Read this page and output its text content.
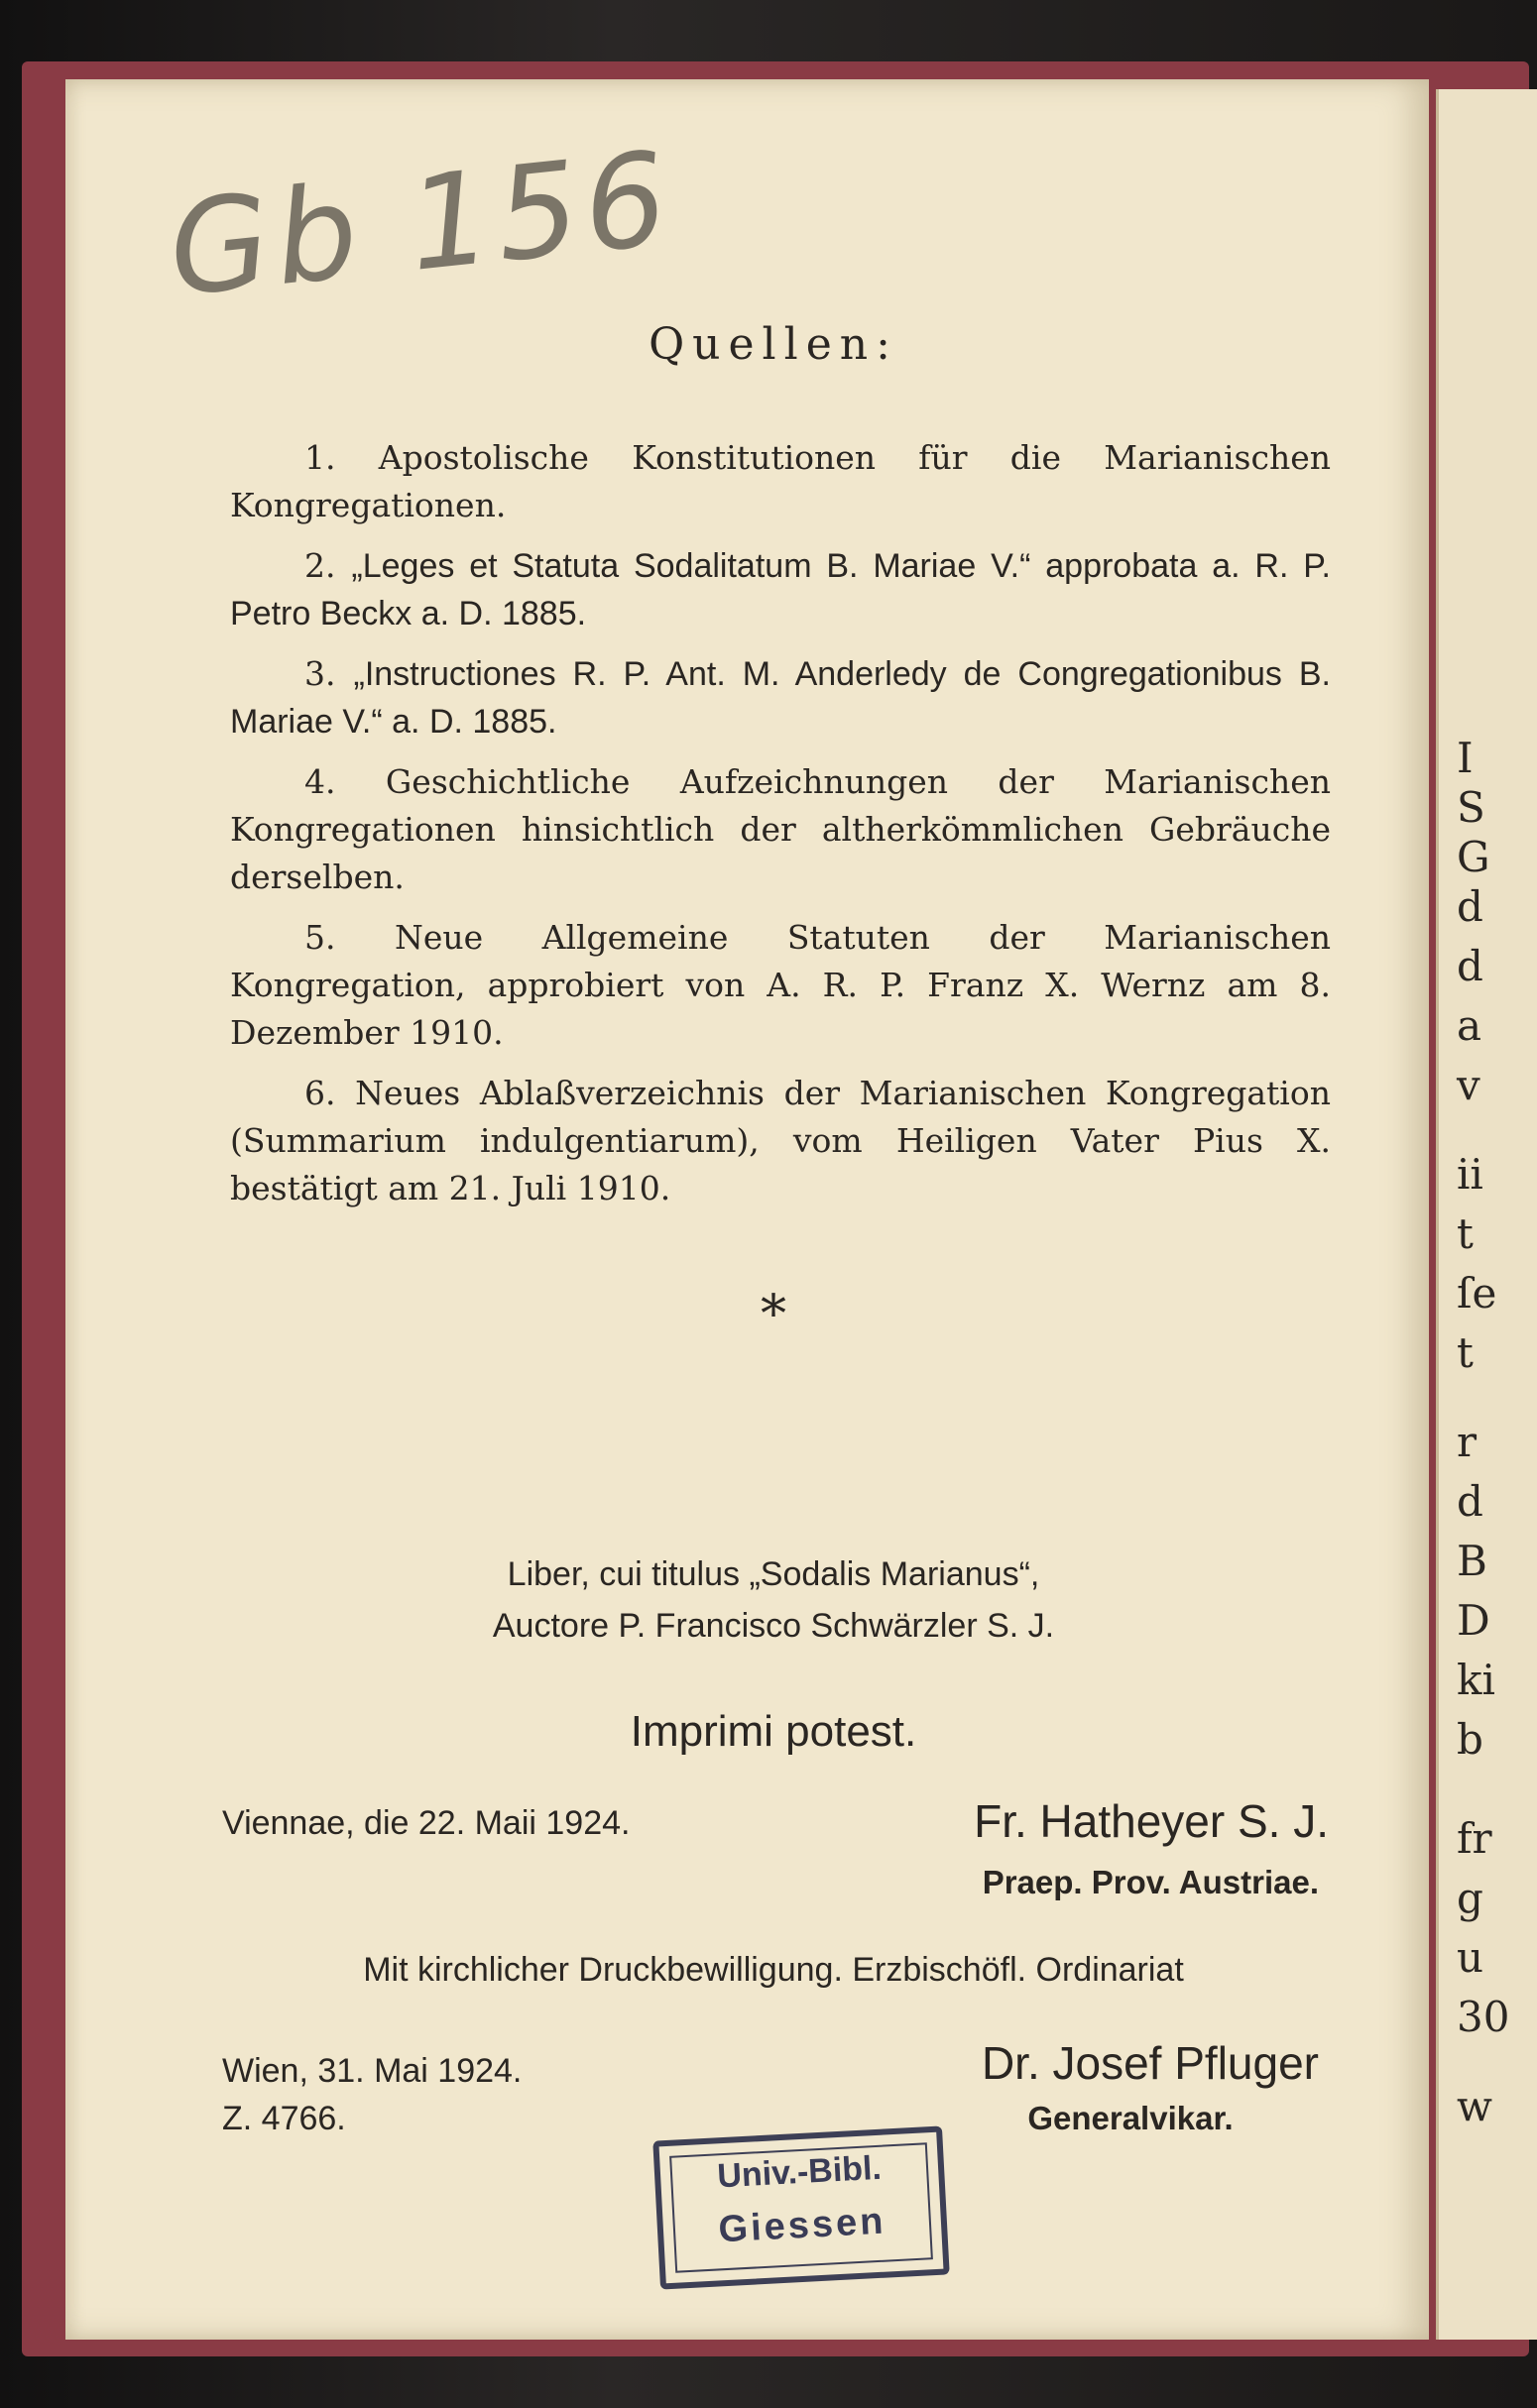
I
S
G
d
d
a
v
ii
t
ſe
t
r
d
B
D
ki
b
fr
g
u
30
w
Gb 156
Quellen:
1. Apostolische Konstitutionen für die Marianischen Kongregationen.
2. „Leges et Statuta Sodalitatum B. Mariae V.“ approbata a. R. P. Petro Beckx a. D. 1885.
3. „Instructiones R. P. Ant. M. Anderledy de Congregationibus B. Mariae V.“ a. D. 1885.
4. Geschichtliche Aufzeichnungen der Marianischen Kongregationen hinsichtlich der altherkömmlichen Gebräuche derselben.
5. Neue Allgemeine Statuten der Marianischen Kongregation, approbiert von A. R. P. Franz X. Wernz am 8. Dezember 1910.
6. Neues Ablaßverzeichnis der Marianischen Kongregation (Summarium indulgentiarum), vom Heiligen Vater Pius X. bestätigt am 21. Juli 1910.
*
Liber, cui titulus „Sodalis Marianus“,
Auctore P. Francisco Schwärzler S. J.
Imprimi potest.
Viennae, die 22. Maii 1924.	Fr. Hatheyer S. J.
Praep. Prov. Austriae.
Mit kirchlicher Druckbewilligung. Erzbischöfl. Ordinariat
Wien, 31. Mai 1924.
Z. 4766.
Dr. Josef Pfluger
Generalvikar.
Univ.-Bibl.
Giessen
